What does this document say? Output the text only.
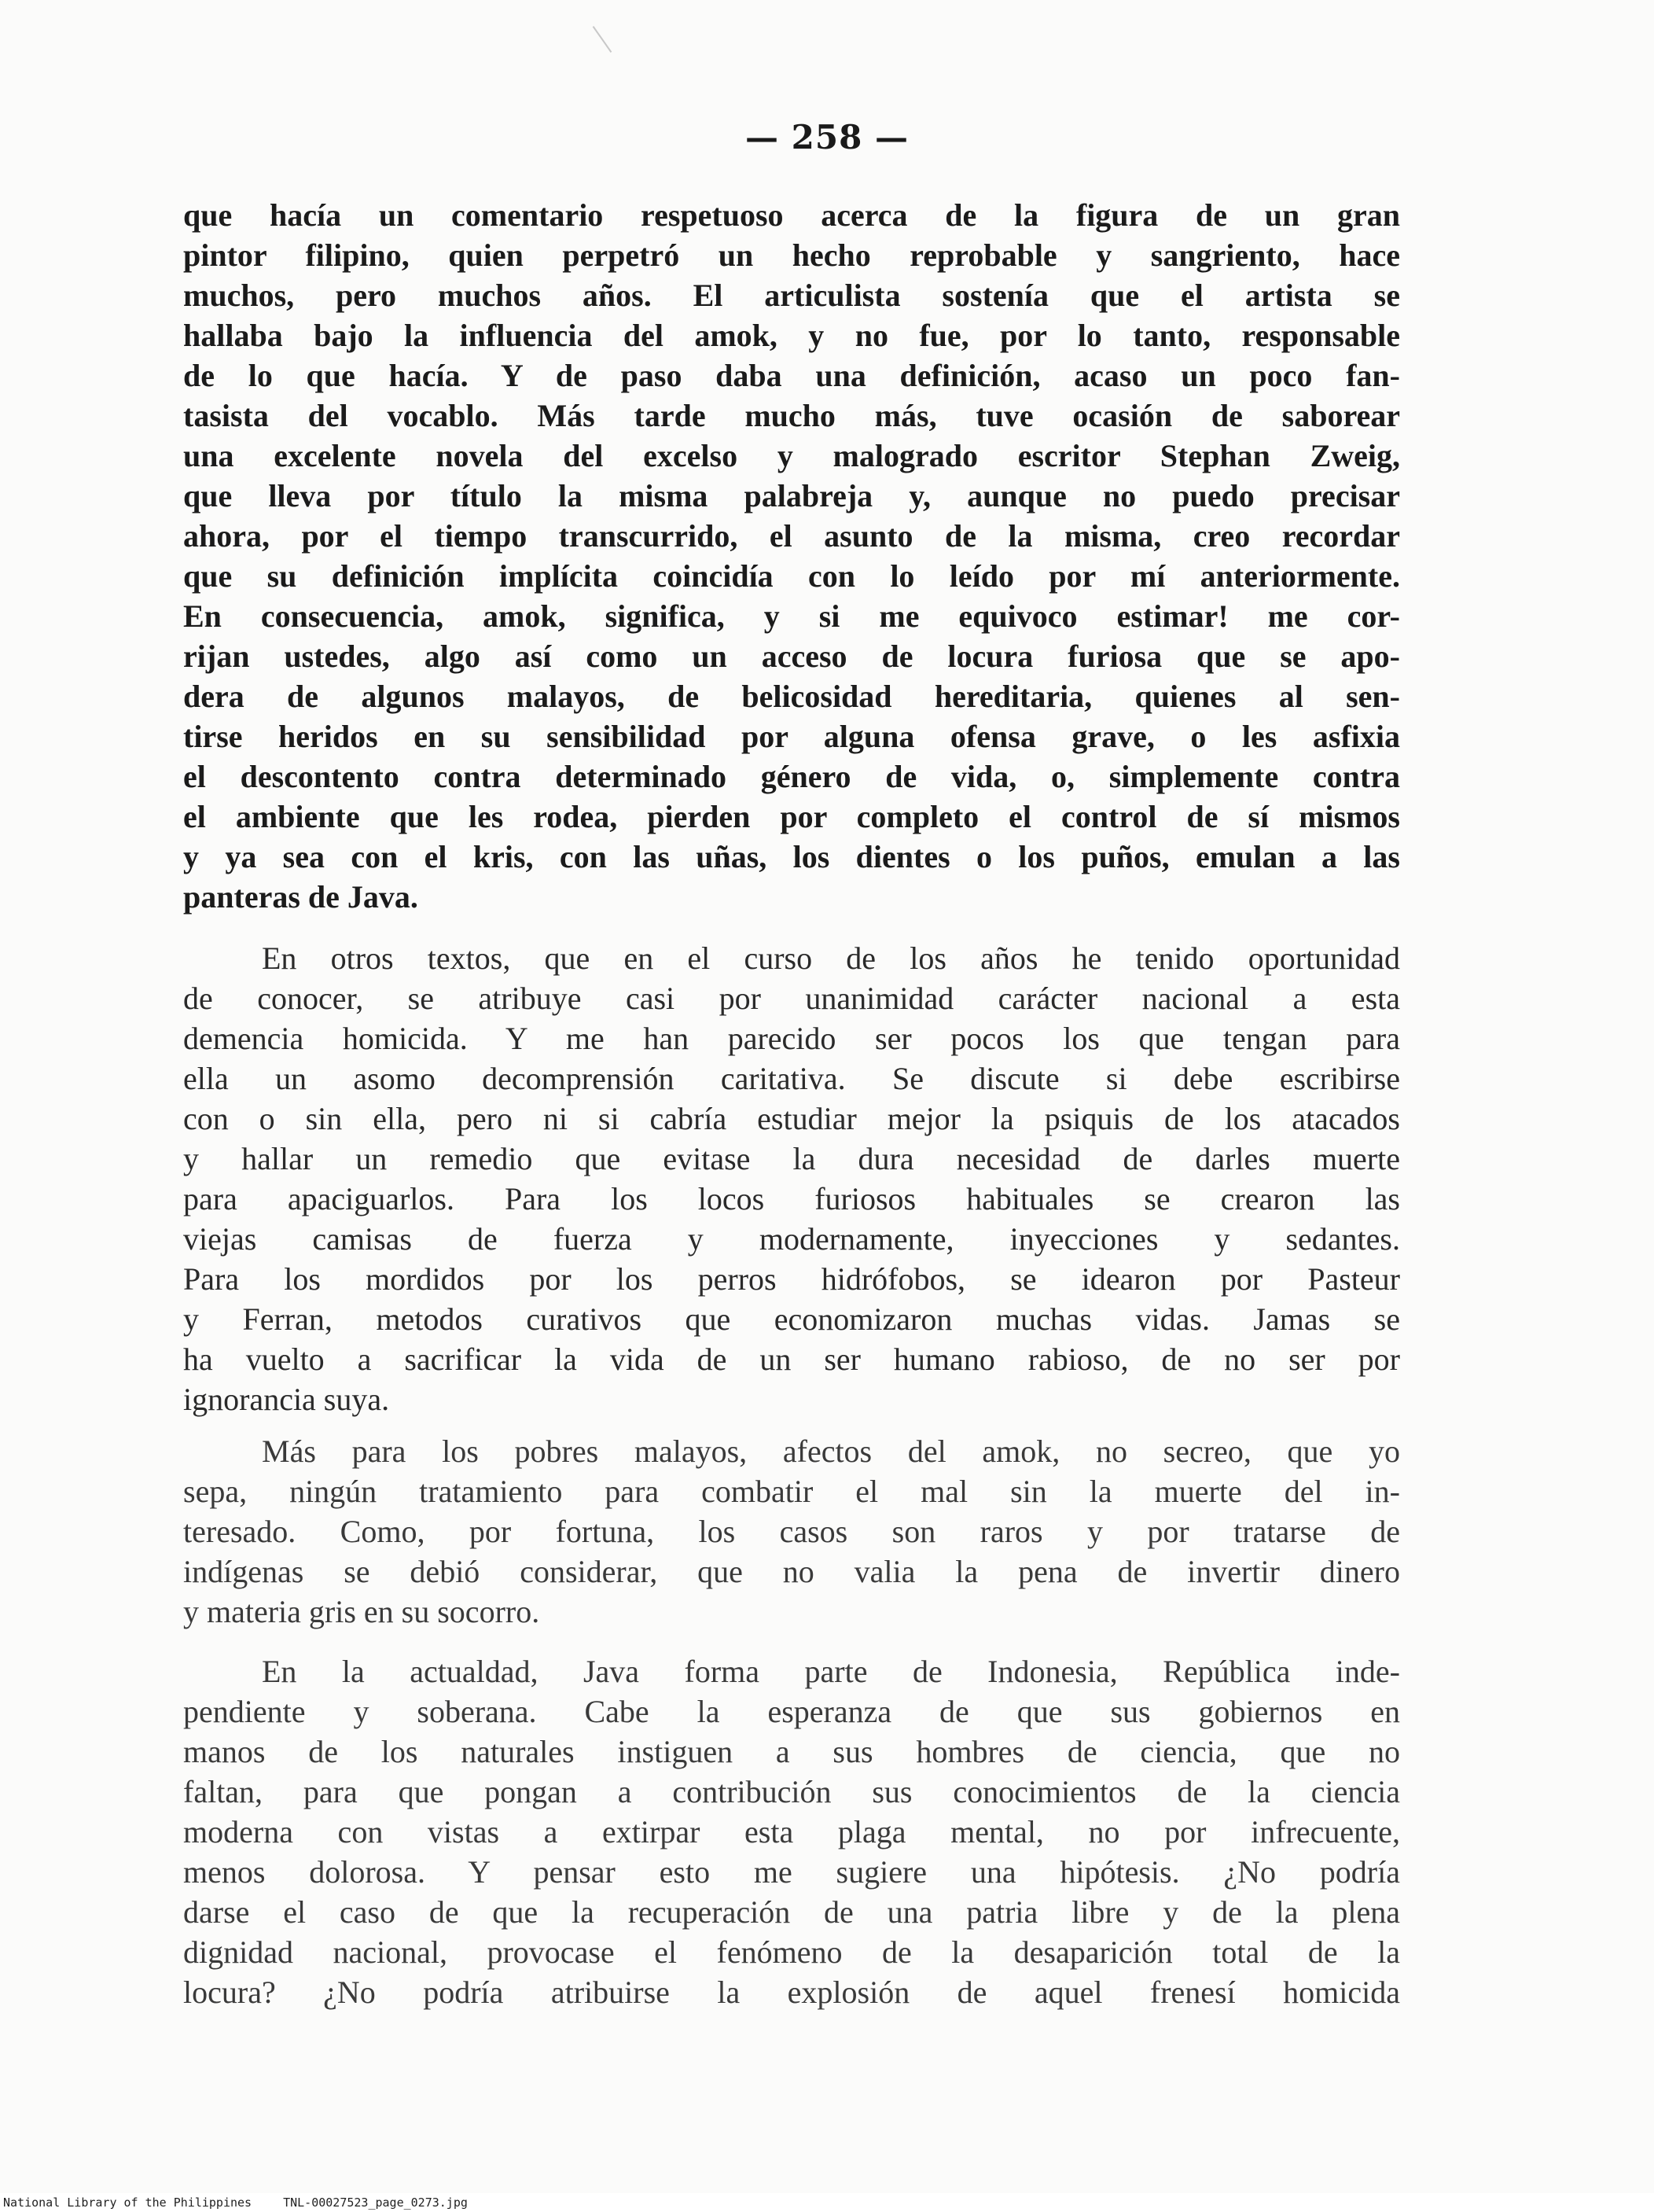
— 258 —
que hacía un comentario respetuoso acerca de la figura de un gran
pintor filipino, quien perpetró un hecho reprobable y sangriento, hace
muchos, pero muchos años. El articulista sostenía que el artista se
hallaba bajo la influencia del amok, y no fue, por lo tanto, responsable
de lo que hacía. Y de paso daba una definición, acaso un poco fan-
tasista del vocablo. Más tarde mucho más, tuve ocasión de saborear
una excelente novela del excelso y malogrado escritor Stephan Zweig,
que lleva por título la misma palabreja y, aunque no puedo precisar
ahora, por el tiempo transcurrido, el asunto de la misma, creo recordar
que su definición implícita coincidía con lo leído por mí anteriormente.
En consecuencia, amok, significa, y si me equivoco estimar! me cor-
rijan ustedes, algo así como un acceso de locura furiosa que se apo-
dera de algunos malayos, de belicosidad hereditaria, quienes al sen-
tirse heridos en su sensibilidad por alguna ofensa grave, o les asfixia
el descontento contra determinado género de vida, o, simplemente contra
el ambiente que les rodea, pierden por completo el control de sí mismos
y ya sea con el kris, con las uñas, los dientes o los puños, emulan a las
panteras de Java.
En otros textos, que en el curso de los años he tenido oportunidad
de conocer, se atribuye casi por unanimidad carácter nacional a esta
demencia homicida. Y me han parecido ser pocos los que tengan para
ella un asomo decomprensión caritativa. Se discute si debe escribirse
con o sin ella, pero ni si cabría estudiar mejor la psiquis de los atacados
y hallar un remedio que evitase la dura necesidad de darles muerte
para apaciguarlos. Para los locos furiosos habituales se crearon las
viejas camisas de fuerza y modernamente, inyecciones y sedantes.
Para los mordidos por los perros hidrófobos, se idearon por Pasteur
y Ferran, metodos curativos que economizaron muchas vidas. Jamas se
ha vuelto a sacrificar la vida de un ser humano rabioso, de no ser por
ignorancia suya.
Más para los pobres malayos, afectos del amok, no secreo, que yo
sepa, ningún tratamiento para combatir el mal sin la muerte del in-
teresado. Como, por fortuna, los casos son raros y por tratarse de
indígenas se debió considerar, que no valia la pena de invertir dinero
y materia gris en su socorro.
En la actualdad, Java forma parte de Indonesia, República inde-
pendiente y soberana. Cabe la esperanza de que sus gobiernos en
manos de los naturales instiguen a sus hombres de ciencia, que no
faltan, para que pongan a contribución sus conocimientos de la ciencia
moderna con vistas a extirpar esta plaga mental, no por infrecuente,
menos dolorosa. Y pensar esto me sugiere una hipótesis. ¿No podría
darse el caso de que la recuperación de una patria libre y de la plena
dignidad nacional, provocase el fenómeno de la desaparición total de la
locura? ¿No podría atribuirse la explosión de aquel frenesí homicida
National Library of the Philippines	TNL-00027523_page_0273.jpg
